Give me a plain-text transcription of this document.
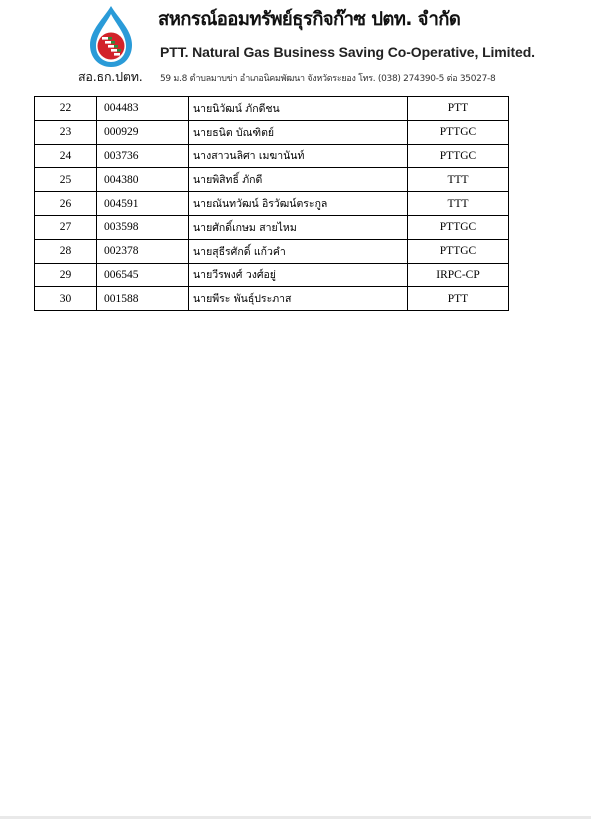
สอ.ธก.ปตท.
สหกรณ์ออมทรัพย์ธุรกิจก๊าซ ปตท. จำกัด
PTT. Natural Gas Business Saving Co-Operative, Limited.
59 ม.8 ตำบลมาบข่า อำเภอนิคมพัฒนา จังหวัดระยอง โทร. (038) 274390-5 ต่อ 35027-8
22	004483	นายนิวัฒน์ ภักดีชน	PTT
23	000929	นายธนิต บัณฑิตย์	PTTGC
24	003736	นางสาวนลิศา เมฆานันท์	PTTGC
25	004380	นายพิสิทธิ์ ภักดี	TTT
26	004591	นายณันทวัฒน์ อิรวัฒน์ตระกูล	TTT
27	003598	นายศักดิ์เกษม สายไหม	PTTGC
28	002378	นายสุธีรศักดิ์ แก้วคำ	PTTGC
29	006545	นายวีรพงศ์ วงศ์อยู่	IRPC-CP
30	001588	นายพีระ พันธุ์ประภาส	PTT
